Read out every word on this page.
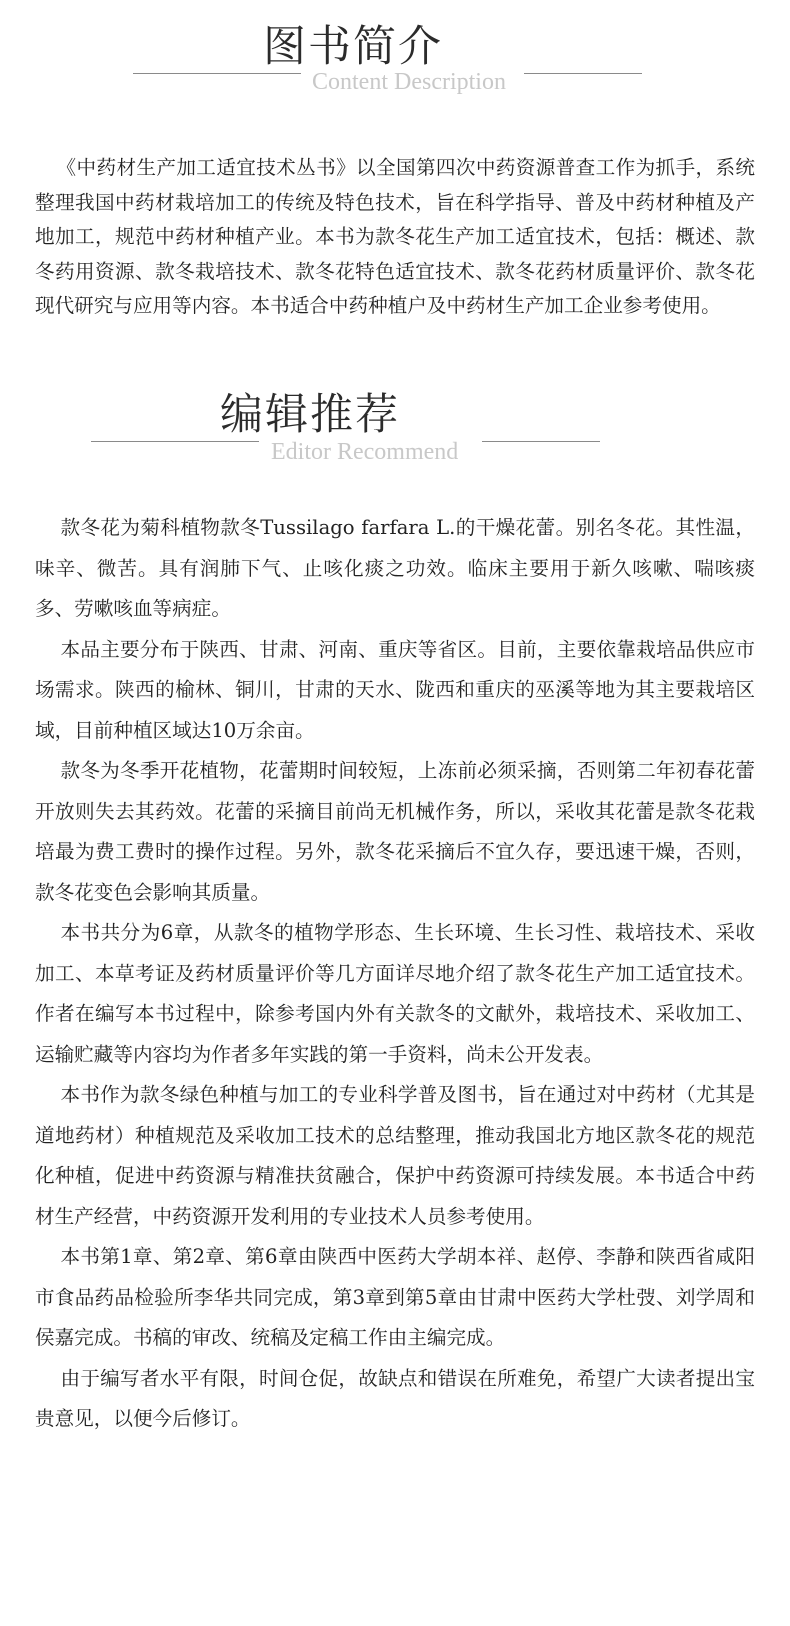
图书简介
Content Description

《中药材生产加工适宜技术丛书》以全国第四次中药资源普查工作为抓手，系统整理我国中药材栽培加工的传统及特色技术，旨在科学指导、普及中药材种植及产地加工，规范中药材种植产业。本书为款冬花生产加工适宜技术，包括：概述、款冬药用资源、款冬栽培技术、款冬花特色适宜技术、款冬花药材质量评价、款冬花现代研究与应用等内容。本书适合中药种植户及中药材生产加工企业参考使用。

编辑推荐
Editor Recommend

款冬花为菊科植物款冬Tussilago farfara L.的干燥花蕾。别名冬花。其性温，味辛、微苦。具有润肺下气、止咳化痰之功效。临床主要用于新久咳嗽、喘咳痰多、劳嗽咳血等病症。

本品主要分布于陕西、甘肃、河南、重庆等省区。目前，主要依靠栽培品供应市场需求。陕西的榆林、铜川，甘肃的天水、陇西和重庆的巫溪等地为其主要栽培区域，目前种植区域达10万余亩。

款冬为冬季开花植物，花蕾期时间较短，上冻前必须采摘，否则第二年初春花蕾开放则失去其药效。花蕾的采摘目前尚无机械作务，所以，采收其花蕾是款冬花栽培最为费工费时的操作过程。另外，款冬花采摘后不宜久存，要迅速干燥，否则，款冬花变色会影响其质量。

本书共分为6章，从款冬的植物学形态、生长环境、生长习性、栽培技术、采收加工、本草考证及药材质量评价等几方面详尽地介绍了款冬花生产加工适宜技术。作者在编写本书过程中，除参考国内外有关款冬的文献外，栽培技术、采收加工、运输贮藏等内容均为作者多年实践的第一手资料，尚未公开发表。

本书作为款冬绿色种植与加工的专业科学普及图书，旨在通过对中药材（尤其是道地药材）种植规范及采收加工技术的总结整理，推动我国北方地区款冬花的规范化种植，促进中药资源与精准扶贫融合，保护中药资源可持续发展。本书适合中药材生产经营，中药资源开发利用的专业技术人员参考使用。

本书第1章、第2章、第6章由陕西中医药大学胡本祥、赵停、李静和陕西省咸阳市食品药品检验所李华共同完成，第3章到第5章由甘肃中医药大学杜弢、刘学周和侯嘉完成。书稿的审改、统稿及定稿工作由主编完成。

由于编写者水平有限，时间仓促，故缺点和错误在所难免，希望广大读者提出宝贵意见，以便今后修订。
